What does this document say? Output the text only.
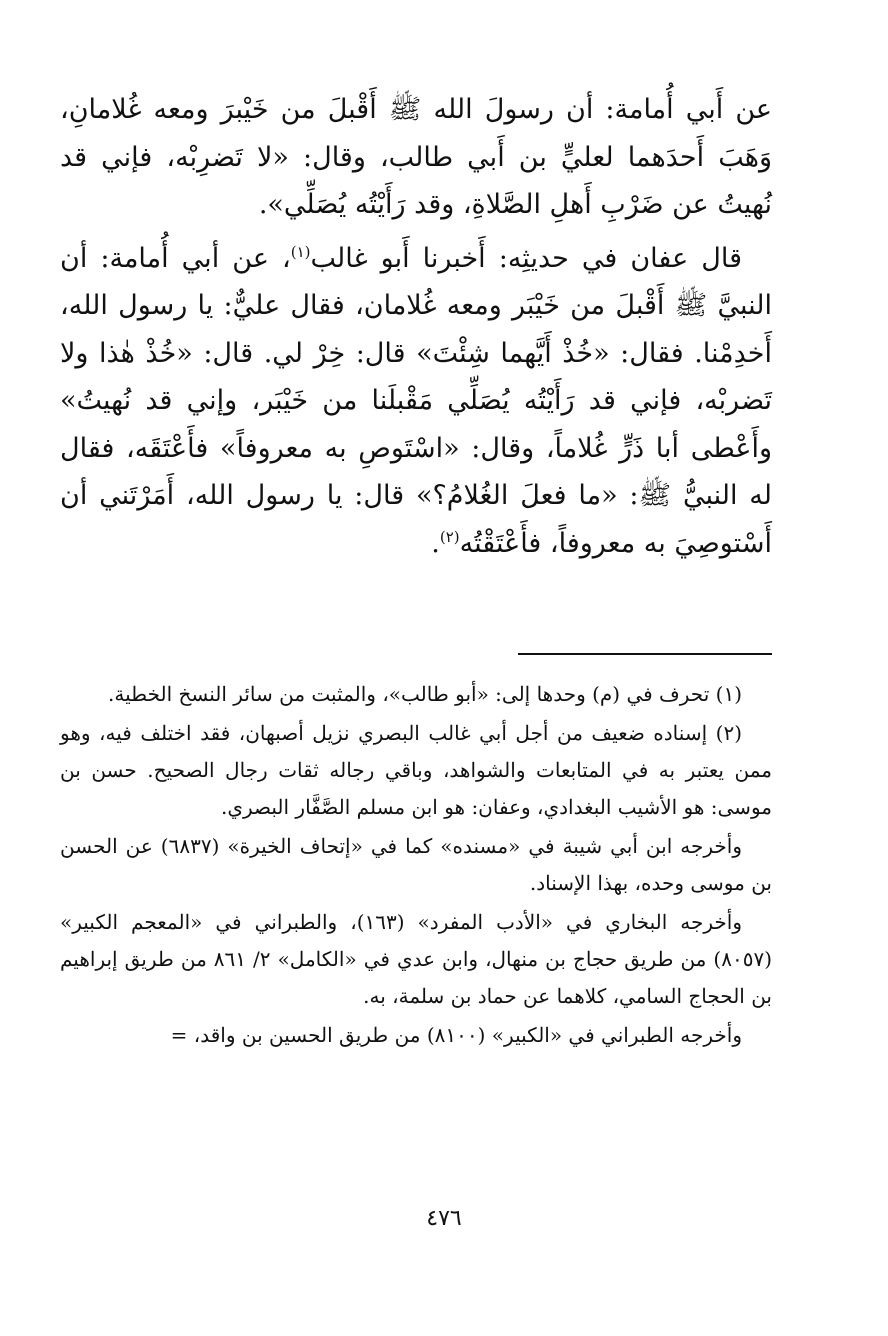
عن أَبي أُمامة: أن رسولَ الله ﷺ أَقْبلَ من خَيْبرَ ومعه غُلامانِ، وَهَبَ أَحدَهما لعليٍّ بن أَبي طالب، وقال: «لا تَضرِبْه، فإني قد نُهيتُ عن ضَرْبِ أَهلِ الصَّلاةِ، وقد رَأَيْتُه يُصَلِّي».

قال عفان في حديثِه: أَخبرنا أَبو غالب$^{(١)}$، عن أبي أُمامة: أن النبيَّ ﷺ أَقْبلَ من خَيْبَر ومعه غُلامان، فقال عليٌّ: يا رسول الله، أَخدِمْنا. فقال: «خُذْ أَيَّهما شِئْتَ» قال: خِرْ لي. قال: «خُذْ هٰذا ولا تَضربْه، فإني قد رَأَيْتُه يُصَلِّي مَقْبلَنا من خَيْبَر، وإني قد نُهيتُ» وأَعْطى أبا ذَرٍّ غُلاماً، وقال: «اسْتَوصِ به معروفاً» فأَعْتَقَه، فقال له النبيُّ ﷺ: «ما فعلَ الغُلامُ؟» قال: يا رسول الله، أَمَرْتَني أن أَسْتوصِيَ به معروفاً، فأَعْتَقْتُه$^{(٢)}$.

(١) تحرف في (م) وحدها إلى: «أبو طالب»، والمثبت من سائر النسخ الخطية.

(٢) إسناده ضعيف من أجل أبي غالب البصري نزيل أصبهان، فقد اختلف فيه، وهو ممن يعتبر به في المتابعات والشواهد، وباقي رجاله ثقات رجال الصحيح. حسن بن موسى: هو الأشيب البغدادي، وعفان: هو ابن مسلم الصَّفَّار البصري.

وأخرجه ابن أبي شيبة في «مسنده» كما في «إتحاف الخيرة» (٦٨٣٧) عن الحسن بن موسى وحده، بهذا الإسناد.

وأخرجه البخاري في «الأدب المفرد» (١٦٣)، والطبراني في «المعجم الكبير» (٨٠٥٧) من طريق حجاج بن منهال، وابن عدي في «الكامل» ٢/ ٨٦١ من طريق إبراهيم بن الحجاج السامي، كلاهما عن حماد بن سلمة، به.

وأخرجه الطبراني في «الكبير» (٨١٠٠) من طريق الحسين بن واقد، =

٤٧٦
